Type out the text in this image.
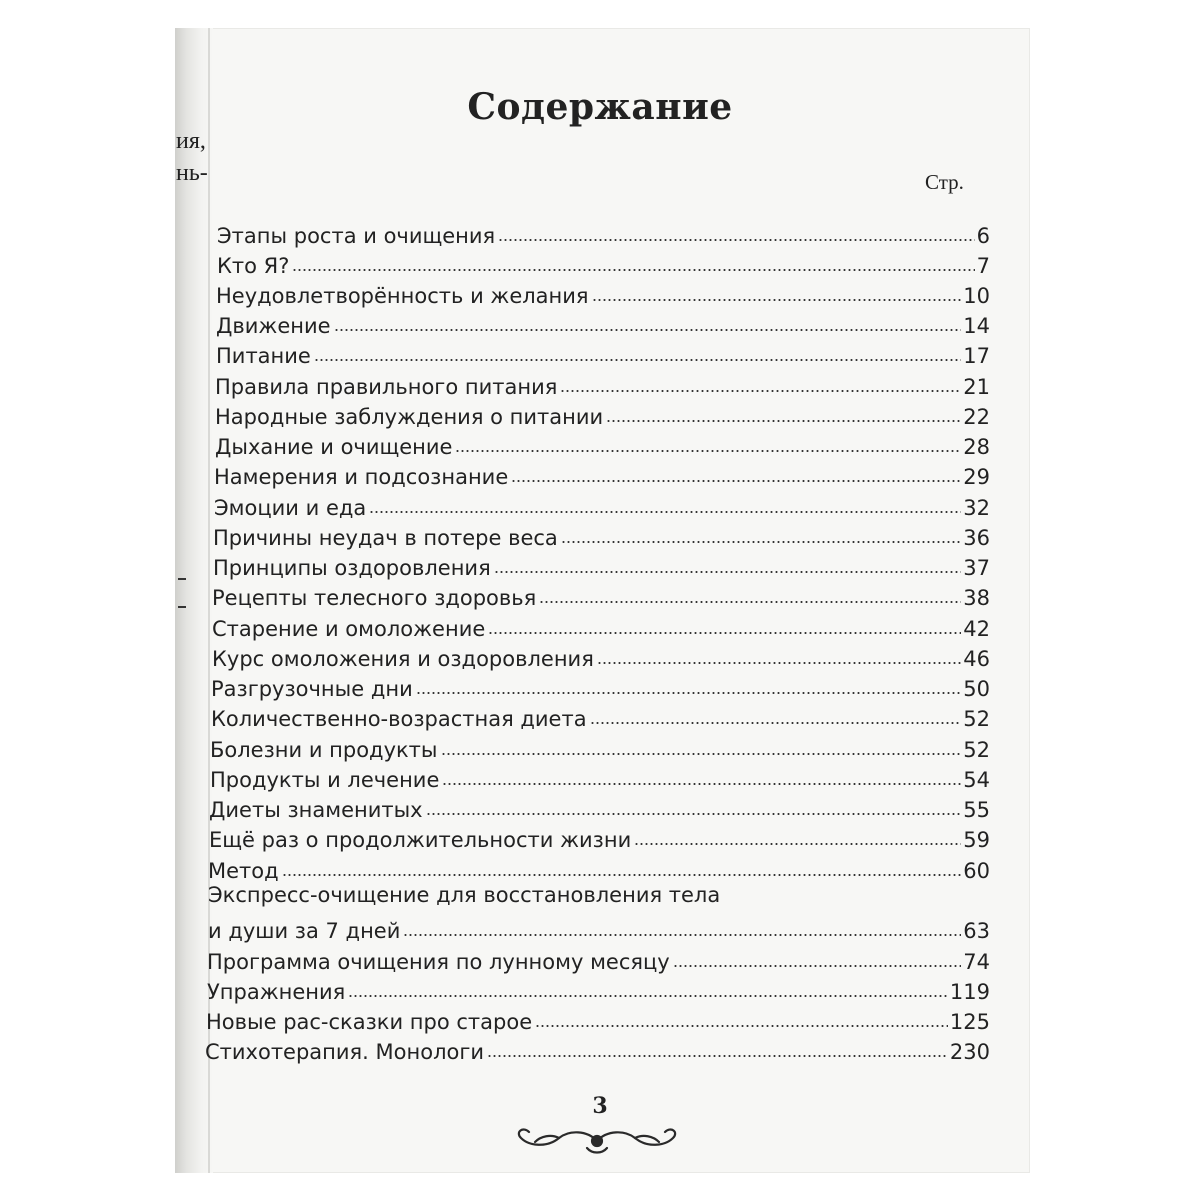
ия,
нь-
Содержание
Стр.
Этапы роста и очищения	6
Кто Я?	7
Неудовлетворённость и желания	10
Движение	14
Питание	17
Правила правильного питания	21
Народные заблуждения о питании	22
Дыхание и очищение	28
Намерения и подсознание	29
Эмоции и еда	32
Причины неудач в потере веса	36
Принципы оздоровления	37
Рецепты телесного здоровья	38
Старение и омоложение	42
Курс омоложения и оздоровления	46
Разгрузочные дни	50
Количественно-возрастная диета	52
Болезни и продукты	52
Продукты и лечение	54
Диеты знаменитых	55
Ещё раз о продолжительности жизни	59
Метод	60
Экспресс-очищение для восстановления тела
и души за 7 дней	63
Программа очищения по лунному месяцу	74
Упражнения	119
Новые рас-сказки про старое	125
Стихотерапия. Монологи	230
3
